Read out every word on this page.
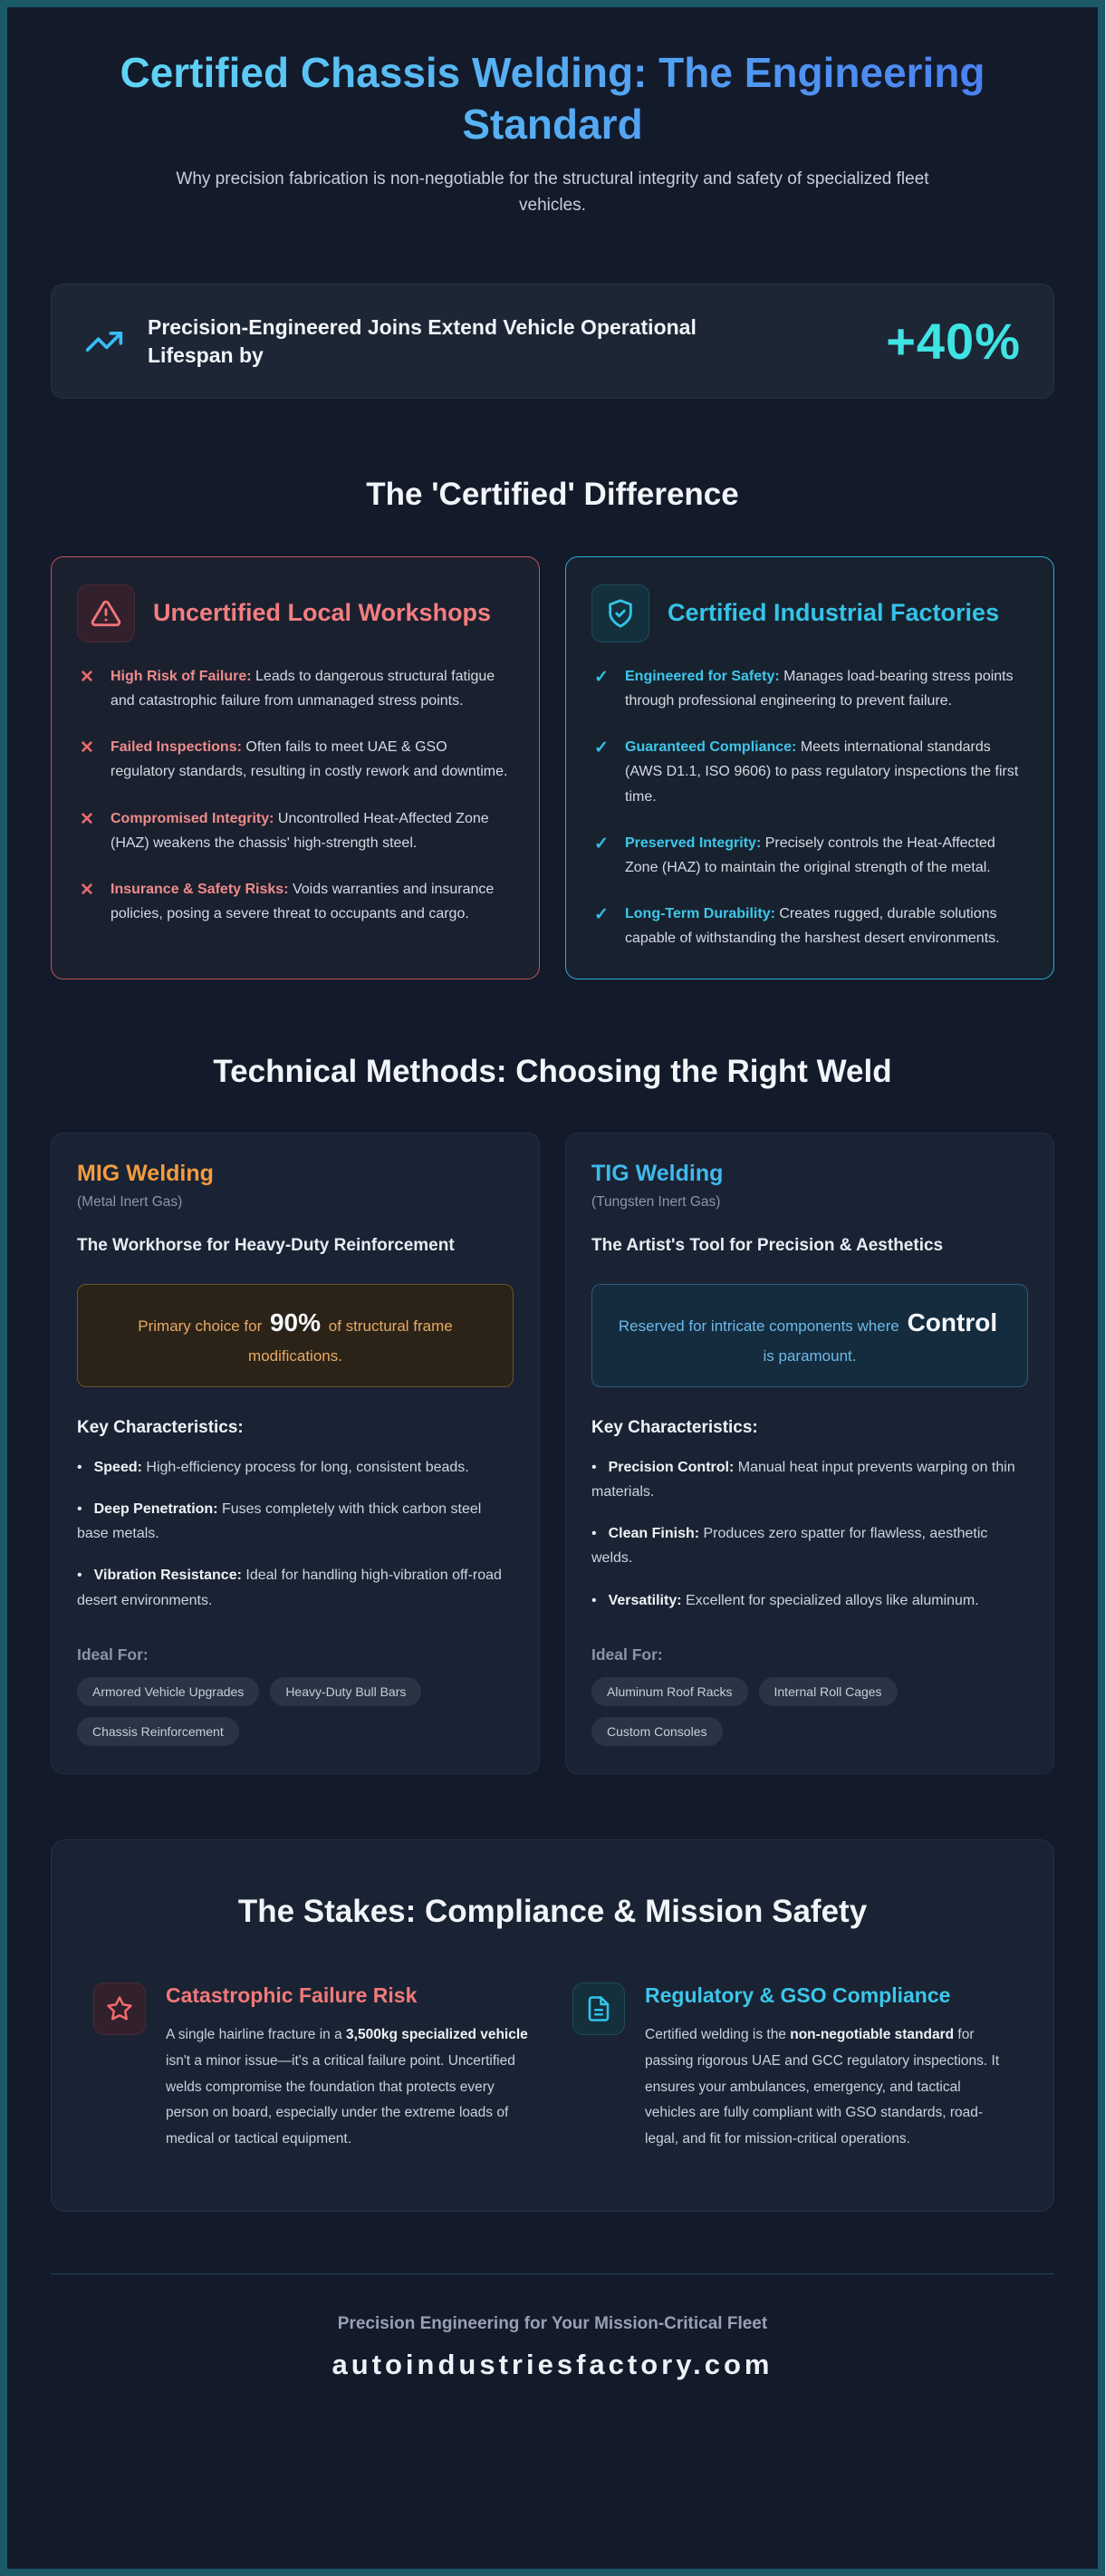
Certified Chassis Welding: The Engineering Standard

Why precision fabrication is non-negotiable for the structural integrity and safety of specialized fleet vehicles.

Precision-Engineered Joins Extend Vehicle Operational Lifespan by	+40%
The 'Certified' Difference
Uncertified Local Workshops
✕ High Risk of Failure: Leads to dangerous structural fatigue and catastrophic failure from unmanaged stress points.

✕ Failed Inspections: Often fails to meet UAE & GSO regulatory standards, resulting in costly rework and downtime.

✕ Compromised Integrity: Uncontrolled Heat-Affected Zone (HAZ) weakens the chassis' high-strength steel.

✕ Insurance & Safety Risks: Voids warranties and insurance policies, posing a severe threat to occupants and cargo.

Certified Industrial Factories
✓ Engineered for Safety: Manages load-bearing stress points through professional engineering to prevent failure.

✓ Guaranteed Compliance: Meets international standards (AWS D1.1, ISO 9606) to pass regulatory inspections the first time.

✓ Preserved Integrity: Precisely controls the Heat-Affected Zone (HAZ) to maintain the original strength of the metal.

✓ Long-Term Durability: Creates rugged, durable solutions capable of withstanding the harshest desert environments.

Technical Methods: Choosing the Right Weld
MIG Welding

(Metal Inert Gas)

The Workhorse for Heavy-Duty Reinforcement

Primary choice for 90% of structural frame modifications.

Key Characteristics:

• Speed: High-efficiency process for long, consistent beads.

• Deep Penetration: Fuses completely with thick carbon steel base metals.

• Vibration Resistance: Ideal for handling high-vibration off-road desert environments.

Ideal For:

Armored Vehicle Upgrades	Heavy-Duty Bull Bars
Chassis Reinforcement
TIG Welding

(Tungsten Inert Gas)

The Artist's Tool for Precision & Aesthetics

Reserved for intricate components where Control is paramount.

Key Characteristics:

• Precision Control: Manual heat input prevents warping on thin materials.

• Clean Finish: Produces zero spatter for flawless, aesthetic welds.

• Versatility: Excellent for specialized alloys like aluminum.

Ideal For:

Aluminum Roof Racks	Internal Roll Cages
Custom Consoles
The Stakes: Compliance & Mission Safety
Catastrophic Failure Risk

A single hairline fracture in a 3,500kg specialized vehicle isn't a minor issue—it's a critical failure point. Uncertified welds compromise the foundation that protects every person on board, especially under the extreme loads of medical or tactical equipment.

Regulatory & GSO Compliance

Certified welding is the non-negotiable standard for passing rigorous UAE and GCC regulatory inspections. It ensures your ambulances, emergency, and tactical vehicles are fully compliant with GSO standards, road-legal, and fit for mission-critical operations.

Precision Engineering for Your Mission-Critical Fleet

autoindustriesfactory.com
